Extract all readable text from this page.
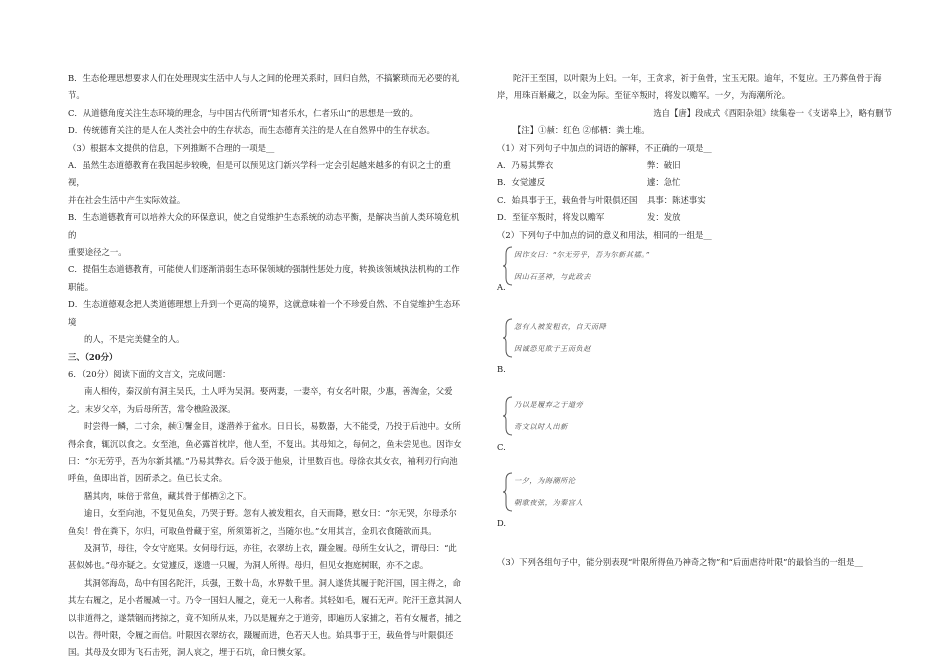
B．生态伦理思想要求人们在处理现实生活中人与人之间的伦理关系时，回归自然，不搞繁琐而无必要的礼节。

C．从道德角度关注生态环境的理念，与中国古代所谓“知者乐水，仁者乐山”的思想是一致的。

D．传统德育关注的是人在人类社会中的生存状态，而生态德育关注的是人在自然界中的生存状态。

（3）根据本文提供的信息，下列推断不合理的一项是__

A．虽然生态道德教育在我国起步较晚，但是可以预见这门新兴学科一定会引起越来越多的有识之士的重视，

并在社会生活中产生实际效益。

B．生态道德教育可以培养大众的环保意识，使之自觉维护生态系统的动态平衡，是解决当前人类环境危机的

重要途径之一。

C．提倡生态道德教育，可能使人们逐渐消弱生态环保领域的强制性惩处力度，转换该领域执法机构的工作职能。

D．生态道德观念把人类道德理想上升到一个更高的境界，这就意味着一个不珍爱自然、不自觉维护生态环境

的人，不是完美健全的人。

三、（20分）

6．（20分）阅读下面的文言文，完成问题：

南人相传，秦汉前有洞主吴氏，土人呼为吴洞。娶两妻，一妻卒，有女名叶限，少惠，善淘金，父爱之。末岁父卒，为后母所苦，常令樵险汲深。

时尝得一鳞，二寸余，赪①鬐金目，遂潜养于盆水。日日长，易数器，大不能受，乃投于后池中。女所得余食，辄沉以食之。女至池，鱼必露首枕岸，他人至，不复出。其母知之，每伺之，鱼未尝见也。因诈女曰：“尔无劳乎，吾为尔新其襦。”乃易其弊衣。后令汲于他泉，计里数百也。母徐衣其女衣，袖利刃行向池呼鱼，鱼即出首，因斫杀之。鱼已长丈余。

膳其肉，味倍于常鱼，藏其骨于郁栖②之下。

逾日，女至向池，不复见鱼矣，乃哭于野。忽有人被发粗衣，自天而降，慰女曰：“尔无哭，尔母杀尔鱼矣！骨在粪下，尔归，可取鱼骨藏于室，所须第祈之，当随尔也。”女用其言，金玑衣食随欲而具。

及洞节，母往，令女守庭果。女伺母行远，亦往，衣翠纺上衣，蹑金履。母所生女认之，谓母曰：“此甚似姊也。”母亦疑之。女觉遽反，遂遗一只履，为洞人所得。母归，但见女抱庭树眠，亦不之虑。

其洞邻海岛，岛中有国名陀汗，兵强，王数十岛，水界数千里。洞人遂货其履于陀汗国，国主得之，命其左右履之，足小者履减一寸。乃令一国妇人履之，竟无一人称者。其轻如毛，履石无声。陀汗王意其洞人以非道得之，遂禁锢而拷掠之，竟不知所从来，乃以是履弃之于道旁，即遍历人家捕之，若有女履者，捕之以告。得叶限，令履之而信。叶限因衣翠纺衣，蹑履而进，色若天人也。始具事于王，载鱼骨与叶限俱还国。其母及女即为飞石击死，洞人哀之，埋于石坑，命曰懊女冢。

陀汗王至国，以叶限为上妇。一年，王贪求，祈于鱼骨，宝玉无限。逾年，不复应。王乃葬鱼骨于海岸，用珠百斛藏之，以金为际。至征卒叛时，将发以赡军。一夕，为海潮所沦。

选自【唐】段成式《酉阳杂俎》续集卷一《支诺皋上》，略有删节

【注】①赪：红色 ②郁栖：粪土堆。

（1）对下列句子中加点的词语的解释，不正确的一项是__

A．乃易其弊衣	弊：破旧
B．女觉遽反	遽：急忙
C．始具事于王，载鱼骨与叶限俱还国	具事：陈述事实
D．至征卒叛时，将发以赡军	发：发放

（2）下列句子中加点的词的意义和用法，相同的一组是__

因诈女曰：“尔无劳乎，吾为尔新其襦。”
因山石茎神，与此政去
A.
忽有人被发粗衣，自天而降
因诚恐见欺于王而负赵
B.
乃以是履弃之于道旁
奇文以时人出新
C.
一夕，为海潮所沦
朝歌夜弦，为秦宫人
D.

（3）下列各组句子中，能分别表现“叶限所得鱼乃神奇之物”和“后面虐待叶限”的最恰当的一组是__
